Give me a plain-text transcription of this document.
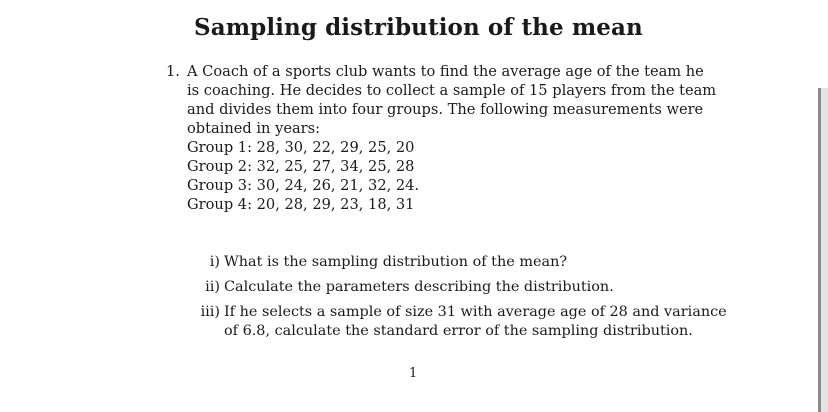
Sampling distribution of the mean
1. A Coach of a sports club wants to find the average age of the team he
is coaching. He decides to collect a sample of 15 players from the team
and divides them into four groups. The following measurements were
obtained in years:
Group 1: 28, 30, 22, 29, 25, 20
Group 2: 32, 25, 27, 34, 25, 28
Group 3: 30, 24, 26, 21, 32, 24.
Group 4: 20, 28, 29, 23, 18, 31
i) What is the sampling distribution of the mean?
ii) Calculate the parameters describing the distribution.
iii) If he selects a sample of size 31 with average age of 28 and variance
of 6.8, calculate the standard error of the sampling distribution.
1
